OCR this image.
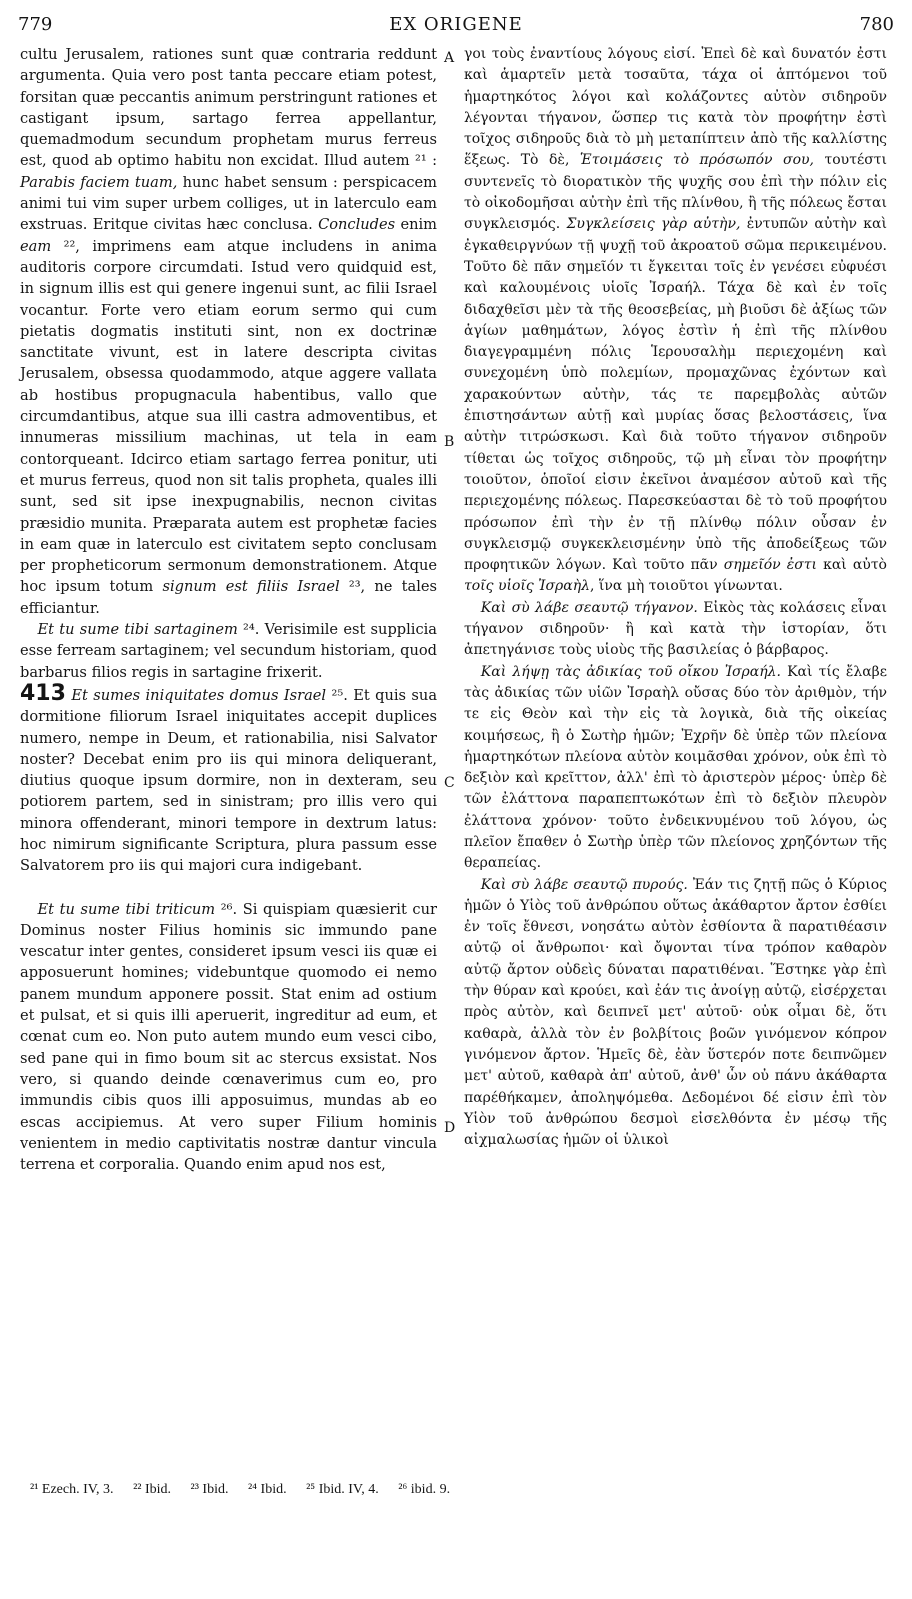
779	EX ORIGENE	780
A
B
C
D

cultu Jerusalem, rationes sunt quæ contraria reddunt argumenta. Quia vero post tanta peccare etiam potest, forsitan quæ peccantis animum perstringunt rationes et castigant ipsum, sartago ferrea appellantur, quemadmodum secundum prophetam murus ferreus est, quod ab optimo habitu non excidat. Illud autem ²¹ : Parabis faciem tuam, hunc habet sensum : perspicacem animi tui vim super urbem colliges, ut in laterculo eam exstruas. Eritque civitas hæc conclusa. Concludes enim eam ²², imprimens eam atque includens in anima auditoris corpore circumdati. Istud vero quidquid est, in signum illis est qui genere ingenui sunt, ac filii Israel vocantur. Forte vero etiam eorum sermo qui cum pietatis dogmatis instituti sint, non ex doctrinæ sanctitate vivunt, est in latere descripta civitas Jerusalem, obsessa quodammodo, atque aggere vallata ab hostibus propugnacula habentibus, vallo que circumdantibus, atque sua illi castra admoventibus, et innumeras missilium machinas, ut tela in eam contorqueant. Idcirco etiam sartago ferrea ponitur, uti et murus ferreus, quod non sit talis propheta, quales illi sunt, sed sit ipse inexpugnabilis, necnon civitas præsidio munita. Præparata autem est prophetæ facies in eam quæ in laterculo est civitatem septo conclusam per propheticorum sermonum demonstrationem. Atque hoc ipsum totum signum est filiis Israel ²³, ne tales efficiantur.

Et tu sume tibi sartaginem ²⁴. Verisimile est supplicia esse ferream sartaginem; vel secundum historiam, quod barbarus filios regis in sartagine frixerit.

413 Et sumes iniquitates domus Israel ²⁵. Et quis sua dormitione filiorum Israel iniquitates accepit duplices numero, nempe in Deum, et rationabilia, nisi Salvator noster? Decebat enim pro iis qui minora deliquerant, diutius quoque ipsum dormire, non in dexteram, seu potiorem partem, sed in sinistram; pro illis vero qui minora offenderant, minori tempore in dextrum latus: hoc nimirum significante Scriptura, plura passum esse Salvatorem pro iis qui majori cura indigebant.

Et tu sume tibi triticum ²⁶. Si quispiam quæsierit cur Dominus noster Filius hominis sic immundo pane vescatur inter gentes, consideret ipsum vesci iis quæ ei apposuerunt homines; videbuntque quomodo ei nemo panem mundum apponere possit. Stat enim ad ostium et pulsat, et si quis illi aperuerit, ingreditur ad eum, et cœnat cum eo. Non puto autem mundo eum vesci cibo, sed pane qui in fimo boum sit ac stercus exsistat. Nos vero, si quando deinde cœnaverimus cum eo, pro immundis cibis quos illi apposuimus, mundas ab eo escas accipiemus. At vero super Filium hominis venientem in medio captivitatis nostræ dantur vincula terrena et corporalia. Quando enim apud nos est,

γοι τοὺς ἐναντίους λόγους εἰσί. Ἐπεὶ δὲ καὶ δυνατόν ἐστι καὶ ἁμαρτεῖν μετὰ τοσαῦτα, τάχα οἱ ἁπτόμενοι τοῦ ἡμαρτηκότος λόγοι καὶ κολάζοντες αὐτὸν σιδηροῦν λέγονται τήγανον, ὥσπερ τις κατὰ τὸν προφήτην ἐστὶ τοῖχος σιδηροῦς διὰ τὸ μὴ μεταπίπτειν ἀπὸ τῆς καλλίστης ἕξεως. Τὸ δὲ, Ἑτοιμάσεις τὸ πρόσωπόν σου, τουτέστι συντενεῖς τὸ διορατικὸν τῆς ψυχῆς σου ἐπὶ τὴν πόλιν εἰς τὸ οἰκοδομῆσαι αὐτὴν ἐπὶ τῆς πλίνθου, ἢ τῆς πόλεως ἔσται συγκλεισμός. Συγκλείσεις γὰρ αὐτὴν, ἐντυπῶν αὐτὴν καὶ ἐγκαθειργνύων τῇ ψυχῇ τοῦ ἀκροατοῦ σῶμα περικειμένου. Τοῦτο δὲ πᾶν σημεῖόν τι ἔγκειται τοῖς ἐν γενέσει εὐφυέσι καὶ καλουμένοις υἱοῖς Ἰσραήλ. Τάχα δὲ καὶ ἐν τοῖς διδαχθεῖσι μὲν τὰ τῆς θεοσεβείας, μὴ βιοῦσι δὲ ἀξίως τῶν ἁγίων μαθημάτων, λόγος ἐστὶν ἡ ἐπὶ τῆς πλίνθου διαγεγραμμένη πόλις Ἱερουσαλὴμ περιεχομένη καὶ συνεχομένη ὑπὸ πολεμίων, προμαχῶνας ἐχόντων καὶ χαρακούντων αὐτὴν, τάς τε παρεμβολὰς αὐτῶν ἐπιστησάντων αὐτῇ καὶ μυρίας ὅσας βελοστάσεις, ἵνα αὐτὴν τιτρώσκωσι. Καὶ διὰ τοῦτο τήγανον σιδηροῦν τίθεται ὡς τοῖχος σιδηροῦς, τῷ μὴ εἶναι τὸν προφήτην τοιοῦτον, ὁποῖοί εἰσιν ἐκεῖνοι ἀναμέσον αὐτοῦ καὶ τῆς περιεχομένης πόλεως. Παρεσκεύασται δὲ τὸ τοῦ προφήτου πρόσωπον ἐπὶ τὴν ἐν τῇ πλίνθῳ πόλιν οὖσαν ἐν συγκλεισμῷ συγκεκλεισμένην ὑπὸ τῆς ἀποδείξεως τῶν προφητικῶν λόγων. Καὶ τοῦτο πᾶν σημεῖόν ἐστι καὶ αὐτὸ τοῖς υἱοῖς Ἰσραὴλ, ἵνα μὴ τοιοῦτοι γίνωνται.

Καὶ σὺ λάβε σεαυτῷ τήγανον. Εἰκὸς τὰς κολάσεις εἶναι τήγανον σιδηροῦν· ἢ καὶ κατὰ τὴν ἱστορίαν, ὅτι ἀπετηγάνισε τοὺς υἱοὺς τῆς βασιλείας ὁ βάρβαρος.

Καὶ λήψῃ τὰς ἀδικίας τοῦ οἴκου Ἰσραήλ. Καὶ τίς ἔλαβε τὰς ἀδικίας τῶν υἱῶν Ἰσραὴλ οὔσας δύο τὸν ἀριθμὸν, τήν τε εἰς Θεὸν καὶ τὴν εἰς τὰ λογικὰ, διὰ τῆς οἰκείας κοιμήσεως, ἢ ὁ Σωτὴρ ἡμῶν; Ἐχρῆν δὲ ὑπὲρ τῶν πλείονα ἡμαρτηκότων πλείονα αὐτὸν κοιμᾶσθαι χρόνον, οὐκ ἐπὶ τὸ δεξιὸν καὶ κρεῖττον, ἀλλ' ἐπὶ τὸ ἀριστερὸν μέρος· ὑπὲρ δὲ τῶν ἐλάττονα παραπεπτωκότων ἐπὶ τὸ δεξιὸν πλευρὸν ἐλάττονα χρόνον· τοῦτο ἐνδεικνυμένου τοῦ λόγου, ὡς πλεῖον ἔπαθεν ὁ Σωτὴρ ὑπὲρ τῶν πλείονος χρηζόντων τῆς θεραπείας.

Καὶ σὺ λάβε σεαυτῷ πυρούς. Ἐάν τις ζητῇ πῶς ὁ Κύριος ἡμῶν ὁ Υἱὸς τοῦ ἀνθρώπου οὕτως ἀκάθαρτον ἄρτον ἐσθίει ἐν τοῖς ἔθνεσι, νοησάτω αὐτὸν ἐσθίοντα ἃ παρατιθέασιν αὐτῷ οἱ ἄνθρωποι· καὶ ὄψονται τίνα τρόπον καθαρὸν αὐτῷ ἄρτον οὐδεὶς δύναται παρατιθέναι. Ἕστηκε γὰρ ἐπὶ τὴν θύραν καὶ κρούει, καὶ ἐάν τις ἀνοίγῃ αὐτῷ, εἰσέρχεται πρὸς αὐτὸν, καὶ δειπνεῖ μετ' αὐτοῦ· οὐκ οἶμαι δὲ, ὅτι καθαρὰ, ἀλλὰ τὸν ἐν βολβίτοις βοῶν γινόμενον κόπρον γινόμενον ἄρτον. Ἡμεῖς δὲ, ἐὰν ὕστερόν ποτε δειπνῶμεν μετ' αὐτοῦ, καθαρὰ ἀπ' αὐτοῦ, ἀνθ' ὧν οὐ πάνυ ἀκάθαρτα παρέθήκαμεν, ἀποληψόμεθα. Δεδομένοι δέ εἰσιν ἐπὶ τὸν Υἱὸν τοῦ ἀνθρώπου δεσμοὶ εἰσελθόντα ἐν μέσῳ τῆς αἰχμαλωσίας ἡμῶν οἱ ὑλικοὶ

²¹ Ezech. IV, 3. ²² Ibid. ²³ Ibid. ²⁴ Ibid. ²⁵ Ibid. IV, 4. ²⁶ ibid. 9.
